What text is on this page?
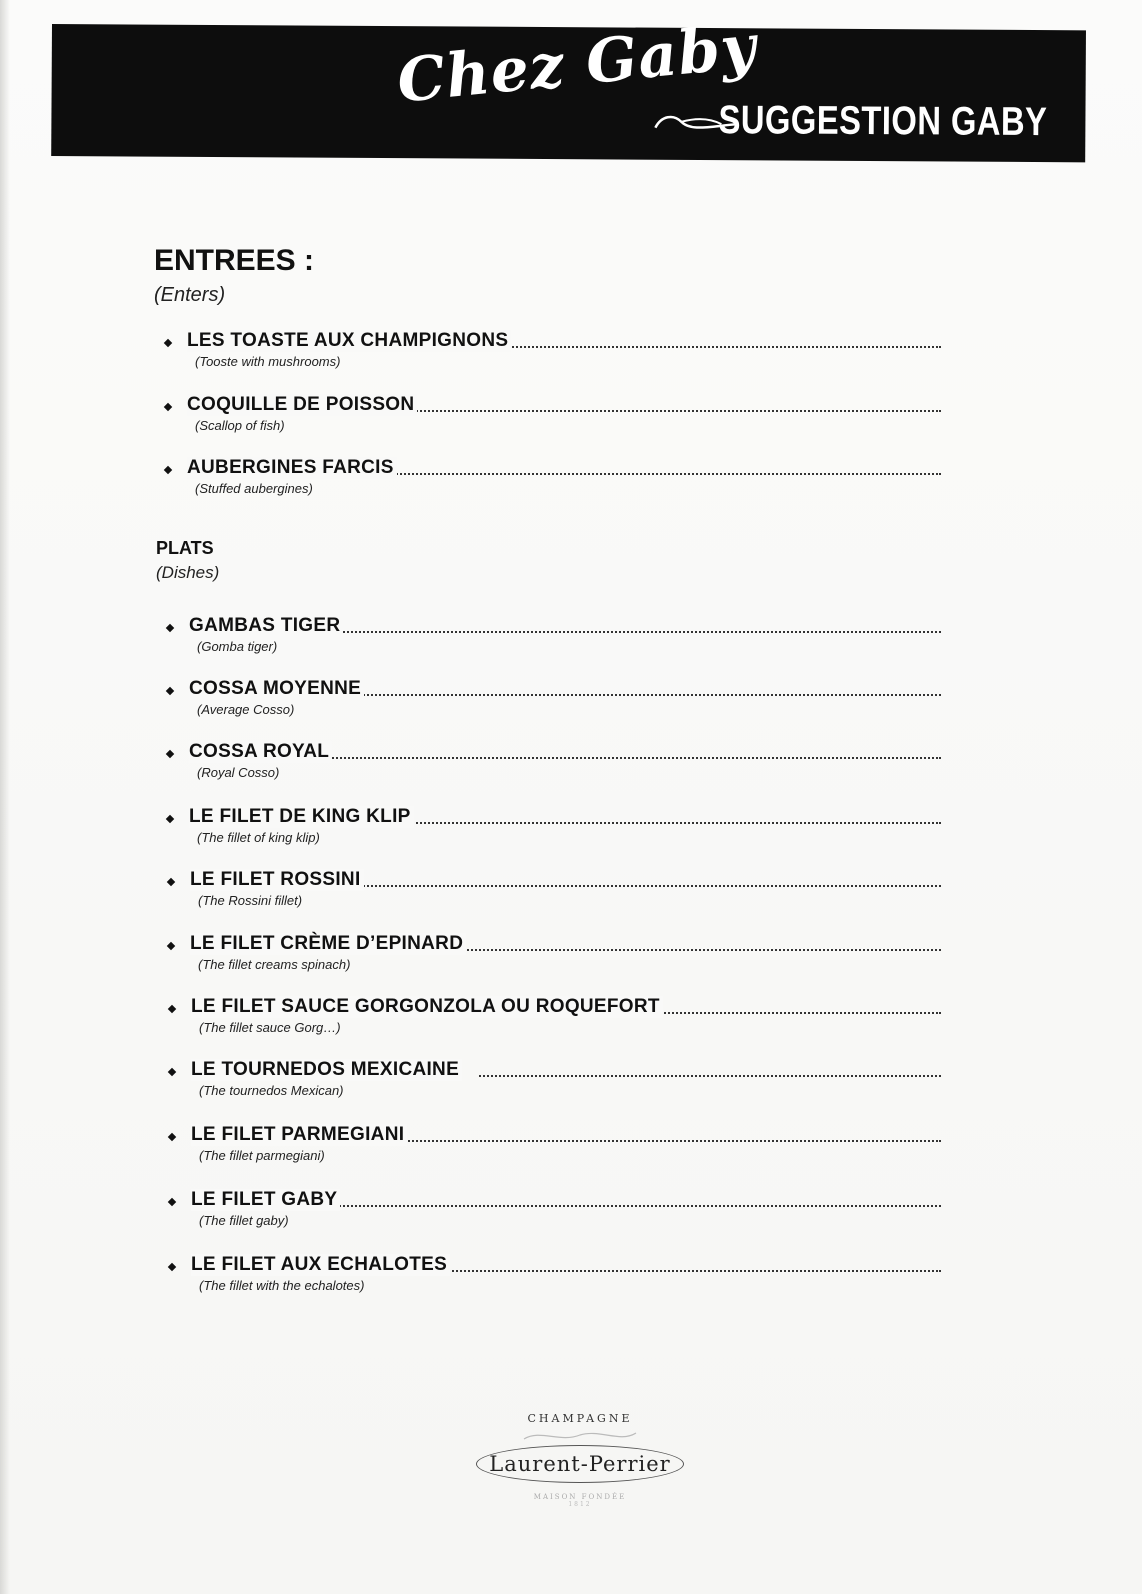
Chez Gaby
SUGGESTION GABY
ENTREES :
(Enters)
LES TOASTE AUX CHAMPIGNONS
(Tooste with mushrooms)
COQUILLE DE POISSON
(Scallop of fish)
AUBERGINES FARCIS
(Stuffed aubergines)
PLATS
(Dishes)
GAMBAS TIGER
(Gomba tiger)
COSSA MOYENNE
(Average Cosso)
COSSA ROYAL
(Royal Cosso)
LE FILET DE KING KLIP
(The fillet of king klip)
LE FILET ROSSINI
(The Rossini fillet)
LE FILET CRÈME D’EPINARD
(The fillet creams spinach)
LE FILET SAUCE GORGONZOLA OU ROQUEFORT
(The fillet sauce Gorg…)
LE TOURNEDOS MEXICAINE
(The tournedos Mexican)
LE FILET PARMEGIANI
(The fillet parmegiani)
LE FILET GABY
(The fillet gaby)
LE FILET AUX ECHALOTES
(The fillet with the echalotes)
CHAMPAGNE
Laurent-Perrier
MAISON FONDÉE
1812
